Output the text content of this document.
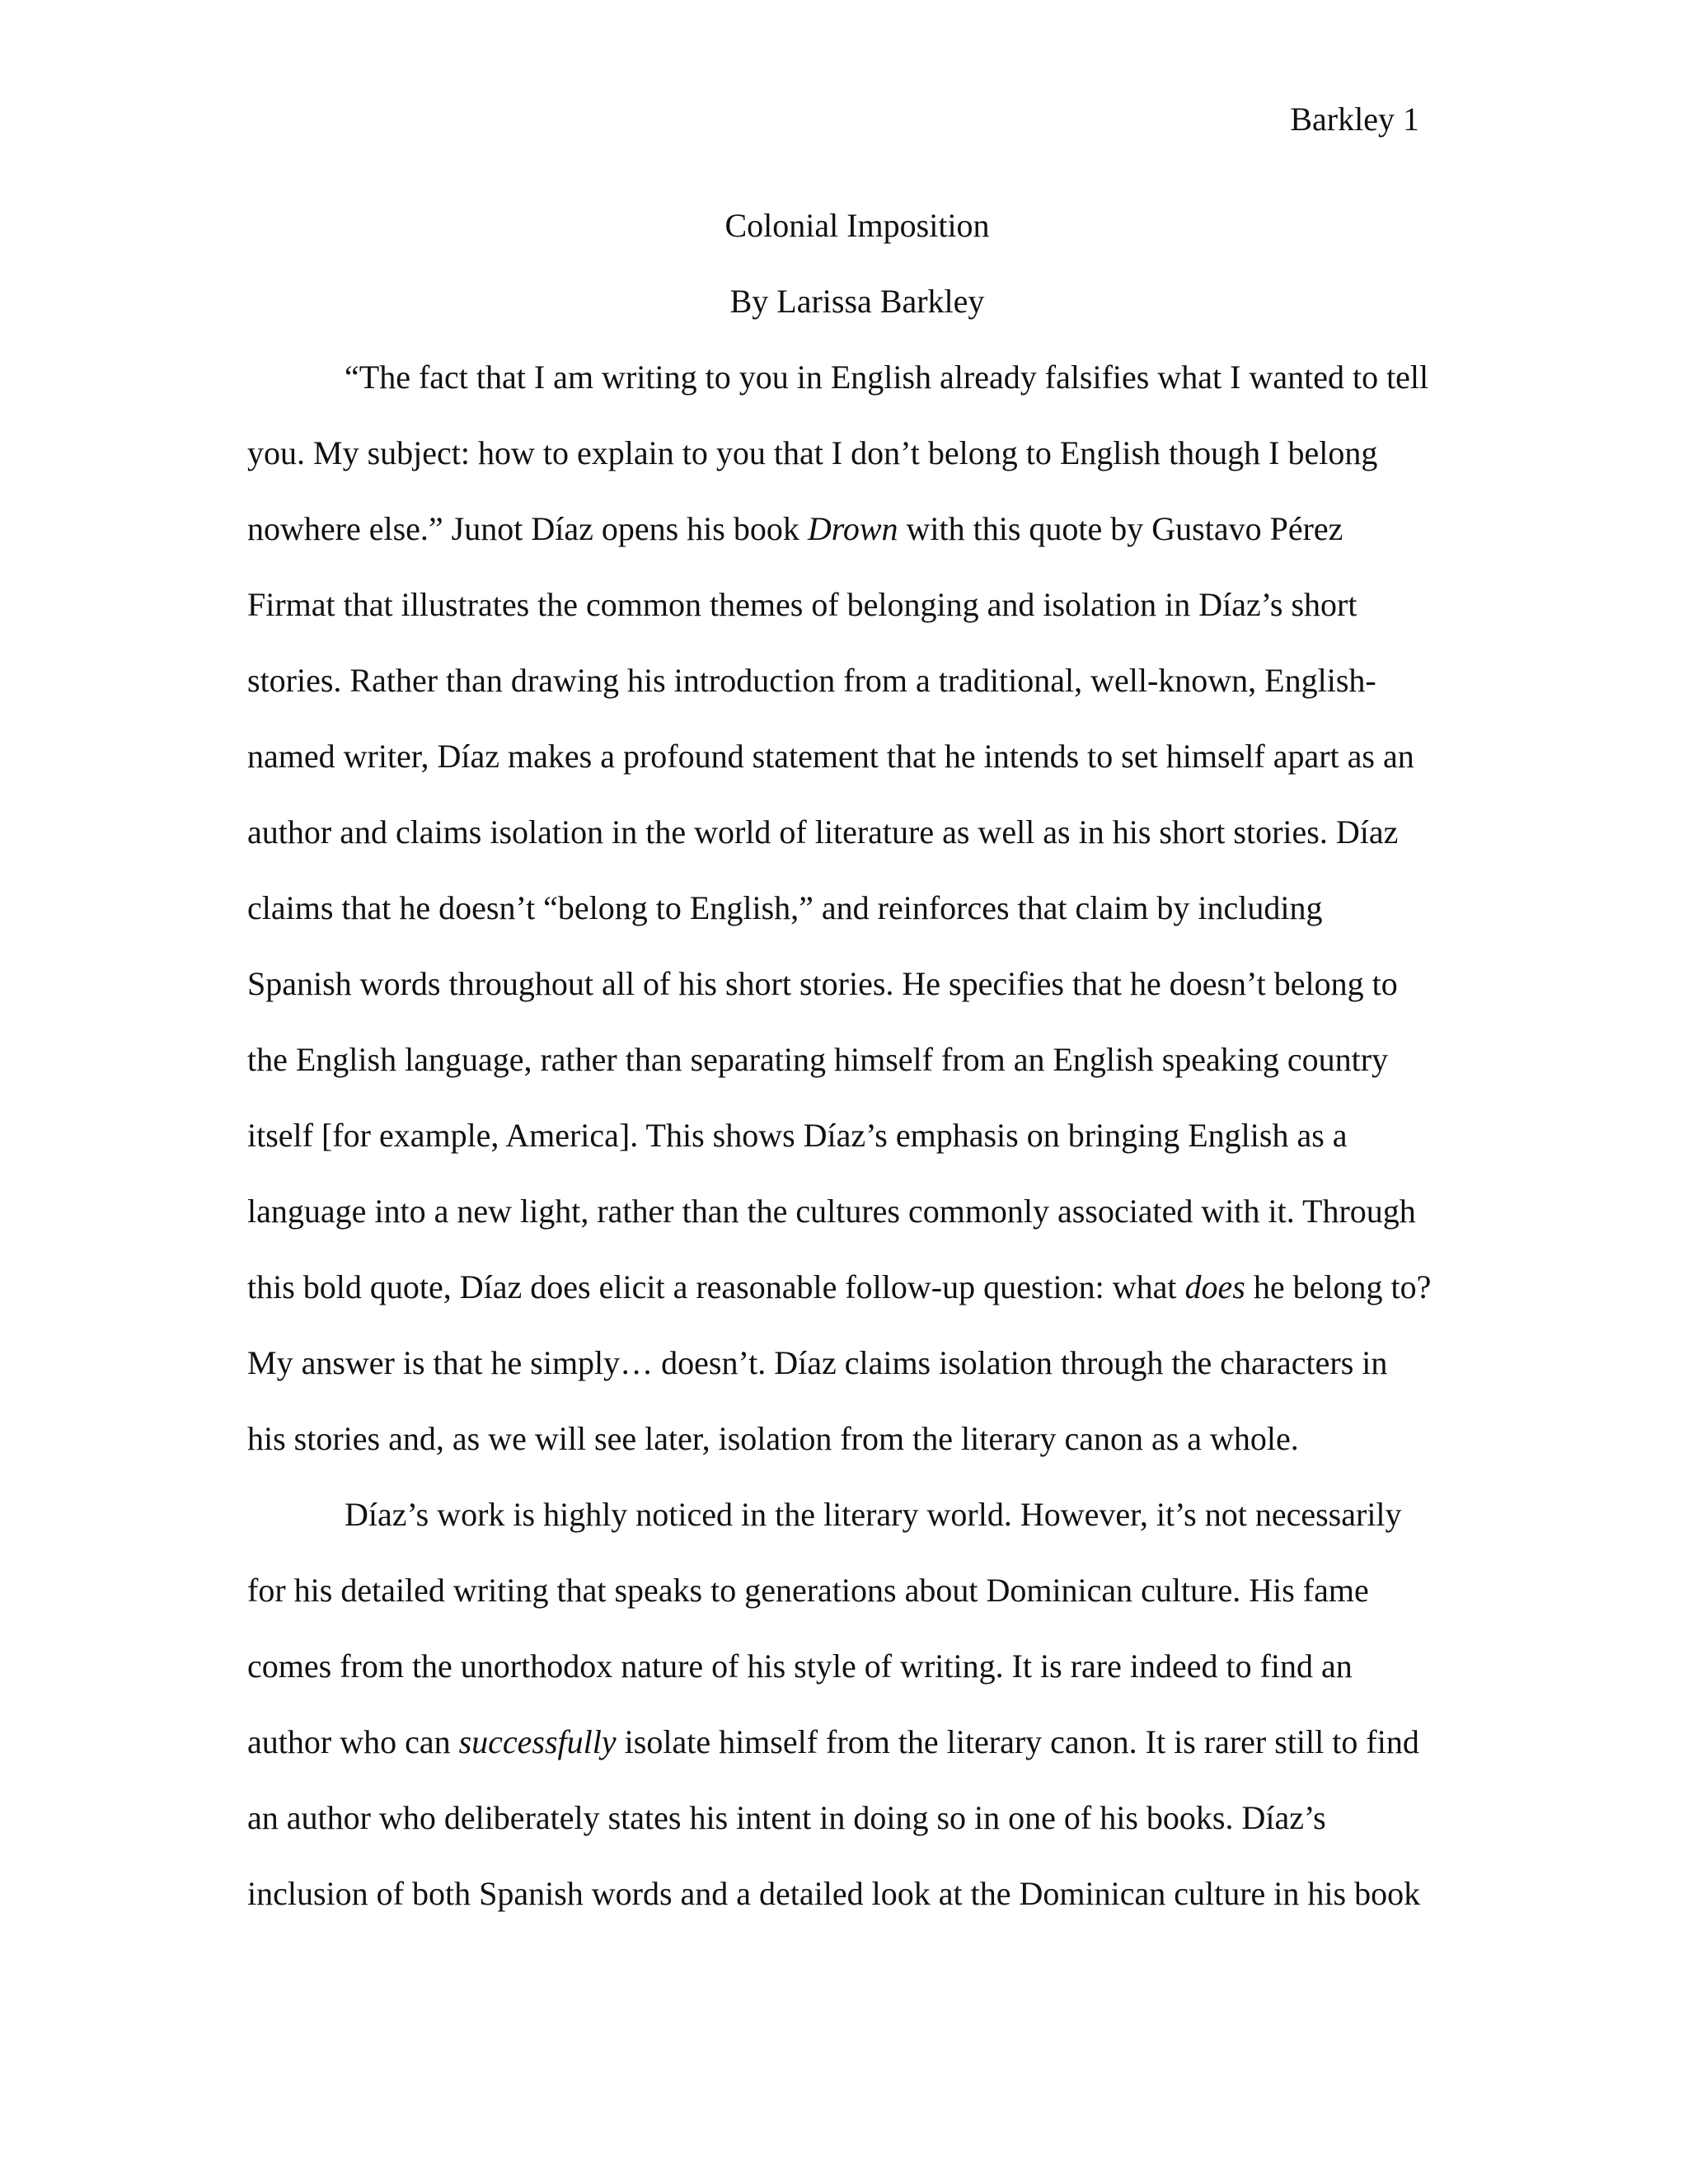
Barkley 1
Colonial Imposition
By Larissa Barkley
“The fact that I am writing to you in English already falsifies what I wanted to tell
you. My subject: how to explain to you that I don’t belong to English though I belong
nowhere else.” Junot Díaz opens his book Drown with this quote by Gustavo Pérez
Firmat that illustrates the common themes of belonging and isolation in Díaz’s short
stories. Rather than drawing his introduction from a traditional, well-known, English-
named writer, Díaz makes a profound statement that he intends to set himself apart as an
author and claims isolation in the world of literature as well as in his short stories. Díaz
claims that he doesn’t “belong to English,” and reinforces that claim by including
Spanish words throughout all of his short stories. He specifies that he doesn’t belong to
the English language, rather than separating himself from an English speaking country
itself [for example, America]. This shows Díaz’s emphasis on bringing English as a
language into a new light, rather than the cultures commonly associated with it. Through
this bold quote, Díaz does elicit a reasonable follow-up question: what does he belong to?
My answer is that he simply… doesn’t. Díaz claims isolation through the characters in
his stories and, as we will see later, isolation from the literary canon as a whole.
Díaz’s work is highly noticed in the literary world. However, it’s not necessarily
for his detailed writing that speaks to generations about Dominican culture. His fame
comes from the unorthodox nature of his style of writing. It is rare indeed to find an
author who can successfully isolate himself from the literary canon. It is rarer still to find
an author who deliberately states his intent in doing so in one of his books. Díaz’s
inclusion of both Spanish words and a detailed look at the Dominican culture in his book
